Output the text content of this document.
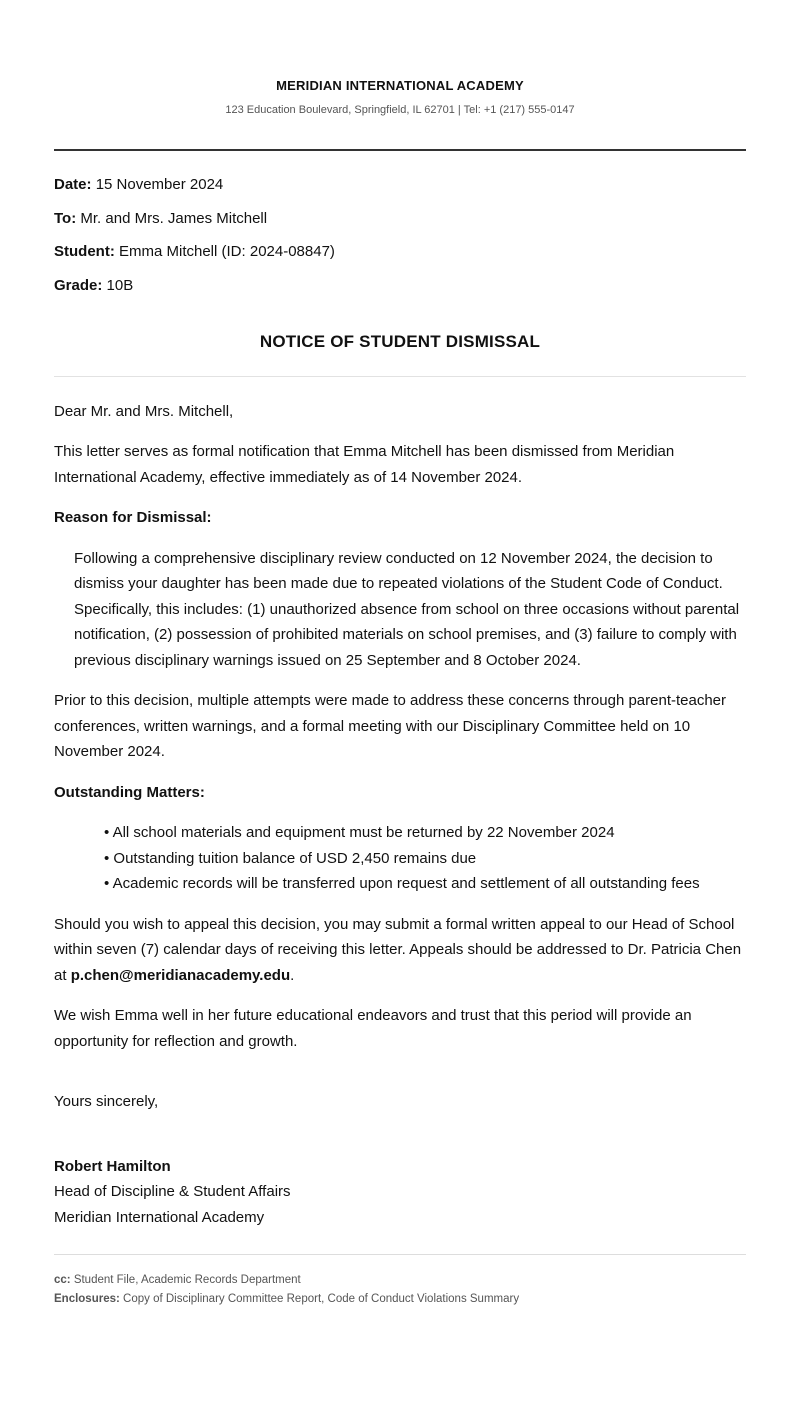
MERIDIAN INTERNATIONAL ACADEMY
123 Education Boulevard, Springfield, IL 62701 | Tel: +1 (217) 555-0147
Date: 15 November 2024
To: Mr. and Mrs. James Mitchell
Student: Emma Mitchell (ID: 2024-08847)
Grade: 10B
NOTICE OF STUDENT DISMISSAL
Dear Mr. and Mrs. Mitchell,
This letter serves as formal notification that Emma Mitchell has been dismissed from Meridian International Academy, effective immediately as of 14 November 2024.
Reason for Dismissal:
Following a comprehensive disciplinary review conducted on 12 November 2024, the decision to dismiss your daughter has been made due to repeated violations of the Student Code of Conduct. Specifically, this includes: (1) unauthorized absence from school on three occasions without parental notification, (2) possession of prohibited materials on school premises, and (3) failure to comply with previous disciplinary warnings issued on 25 September and 8 October 2024.
Prior to this decision, multiple attempts were made to address these concerns through parent-teacher conferences, written warnings, and a formal meeting with our Disciplinary Committee held on 10 November 2024.
Outstanding Matters:
• All school materials and equipment must be returned by 22 November 2024
• Outstanding tuition balance of USD 2,450 remains due
• Academic records will be transferred upon request and settlement of all outstanding fees
Should you wish to appeal this decision, you may submit a formal written appeal to our Head of School within seven (7) calendar days of receiving this letter. Appeals should be addressed to Dr. Patricia Chen at p.chen@meridianacademy.edu.
We wish Emma well in her future educational endeavors and trust that this period will provide an opportunity for reflection and growth.
Yours sincerely,
Robert Hamilton
Head of Discipline & Student Affairs
Meridian International Academy
cc: Student File, Academic Records Department
Enclosures: Copy of Disciplinary Committee Report, Code of Conduct Violations Summary
